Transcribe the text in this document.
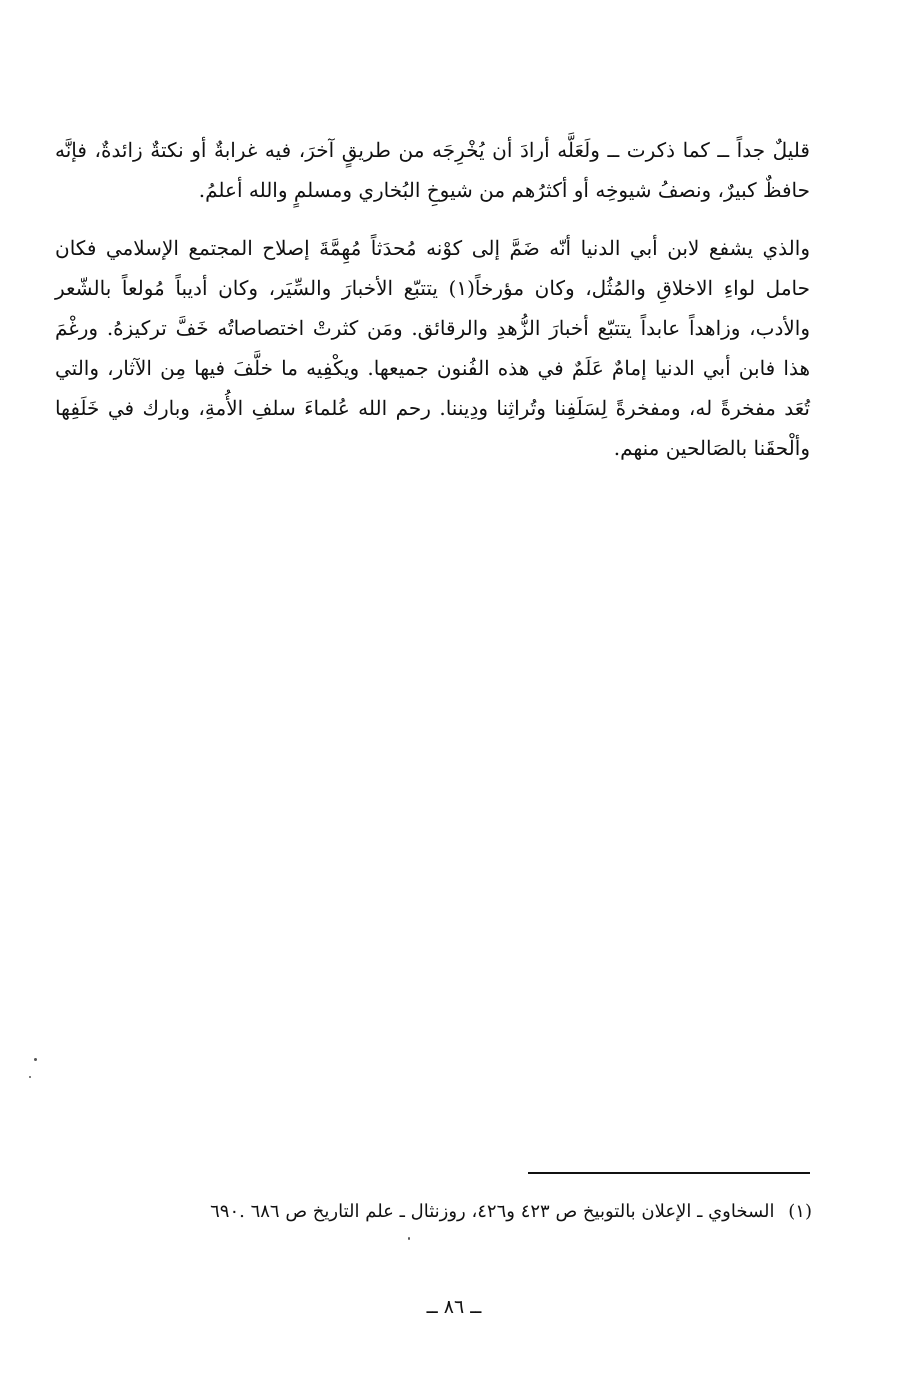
قليلٌ جداً ــ كما ذكرت ــ ولَعَلَّه أرادَ أن يُخْرِجَه من طريقٍ آخرَ، فيه غرابةٌ أو نكتةٌ زائدةٌ، فإنَّه حافظٌ كبيرٌ، ونصفُ شيوخِه أو أكثرُهم من شيوخِ البُخاري ومسلمٍ والله أعلمُ.

والذي يشفع لابن أبي الدنيا أنّه ضَمَّ إلى كوْنه مُحدَثاً مُهِمَّةَ إصلاح المجتمع الإسلامي فكان حامل لواءِ الاخلاقِ والمُثُل، وكان مؤرخاً(١) يتتبّع الأخبارَ والسِّيَر، وكان أديباً مُولعاً بالشّعر والأدب، وزاهداً عابداً يتتبّع أخبارَ الزُّهدِ والرقائق. ومَن كثرتْ اختصاصاتُه خَفَّ تركيزهُ. ورغْمَ هذا فابن أبي الدنيا إمامٌ عَلَمٌ في هذه الفُنون جميعها. ويكْفِيه ما خلَّفَ فيها مِن الآثار، والتي تُعَد مفخرةً له، ومفخرةً لِسَلَفِنا وتُراثِنا ودِيننا. رحم الله عُلماءَ سلفِ الأُمةِ، وبارك في خَلَفِها وألْحقَنا بالصَالحين منهم.

(١) السخاوي ـ الإعلان بالتوبيخ ص ٤٢٣ و٤٢٦، روزنثال ـ علم التاريخ ص ٦٨٦ .٦٩٠
ــ ٨٦ ــ
